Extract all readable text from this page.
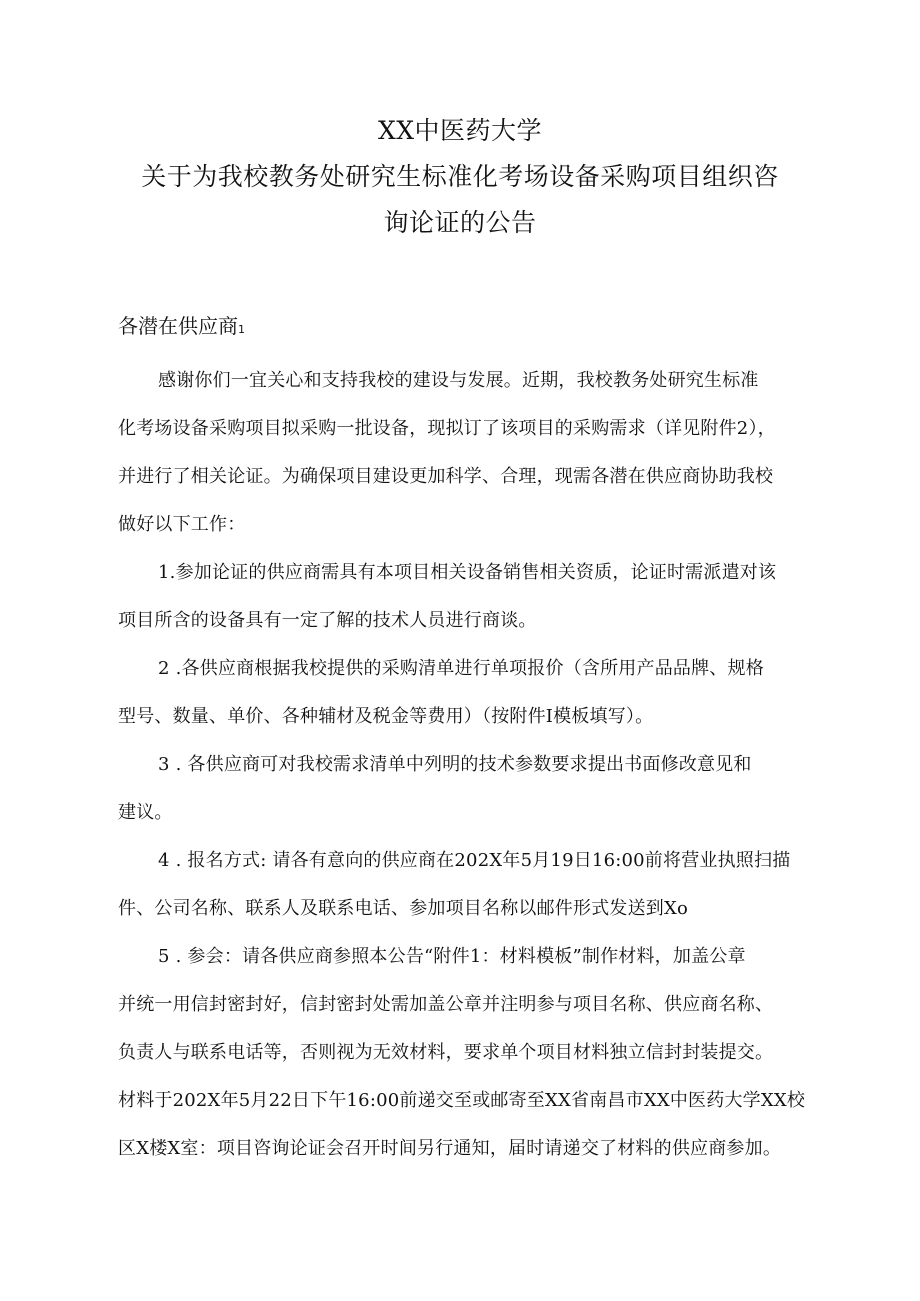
XX中医药大学
关于为我校教务处研究生标准化考场设备采购项目组织咨
询论证的公告
各潜在供应商1
感谢你们一宜关心和支持我校的建设与发展。近期，我校教务处研究生标准
化考场设备采购项目拟采购一批设备，现拟订了该项目的采购需求（详见附件2），
并进行了相关论证。为确保项目建设更加科学、合理，现需各潜在供应商协助我校
做好以下工作：
1.参加论证的供应商需具有本项目相关设备销售相关资质，论证时需派遣对该
项目所含的设备具有一定了解的技术人员进行商谈。
2 .各供应商根据我校提供的采购清单进行单项报价（含所用产品品牌、规格
型号、数量、单价、各种辅材及税金等费用）（按附件I模板填写）。
3 . 各供应商可对我校需求清单中列明的技术参数要求提出书面修改意见和
建议。
4 . 报名方式: 请各有意向的供应商在202X年5月19日16:00前将营业执照扫描
件、公司名称、联系人及联系电话、参加项目名称以邮件形式发送到Xo
5 . 参会：请各供应商参照本公告“附件1：材料模板”制作材料，加盖公章
并统一用信封密封好，信封密封处需加盖公章并注明参与项目名称、供应商名称、
负责人与联系电话等，否则视为无效材料，要求单个项目材料独立信封封装提交。
材料于202X年5月22日下午16:00前递交至或邮寄至XX省南昌市XX中医药大学XX校
区X楼X室：项目咨询论证会召开时间另行通知，届时请递交了材料的供应商参加。
